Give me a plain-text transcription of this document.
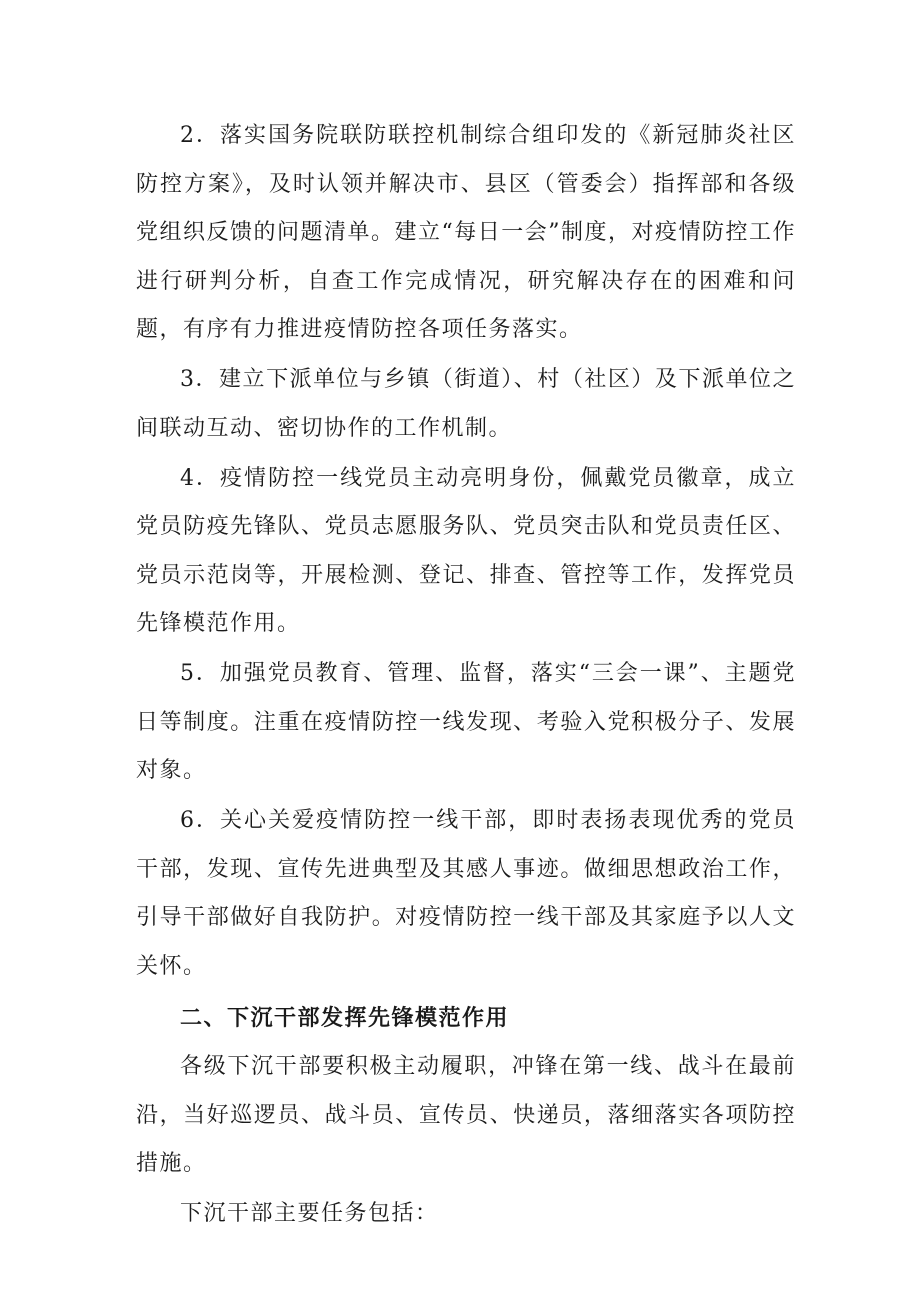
2．落实国务院联防联控机制综合组印发的《新冠肺炎社区防控方案》，及时认领并解决市、县区（管委会）指挥部和各级党组织反馈的问题清单。建立“每日一会”制度，对疫情防控工作进行研判分析，自查工作完成情况，研究解决存在的困难和问题，有序有力推进疫情防控各项任务落实。

3．建立下派单位与乡镇（街道）、村（社区）及下派单位之间联动互动、密切协作的工作机制。

4．疫情防控一线党员主动亮明身份，佩戴党员徽章，成立党员防疫先锋队、党员志愿服务队、党员突击队和党员责任区、党员示范岗等，开展检测、登记、排查、管控等工作，发挥党员先锋模范作用。

5．加强党员教育、管理、监督，落实“三会一课”、主题党日等制度。注重在疫情防控一线发现、考验入党积极分子、发展对象。

6．关心关爱疫情防控一线干部，即时表扬表现优秀的党员干部，发现、宣传先进典型及其感人事迹。做细思想政治工作，引导干部做好自我防护。对疫情防控一线干部及其家庭予以人文关怀。

二、下沉干部发挥先锋模范作用

各级下沉干部要积极主动履职，冲锋在第一线、战斗在最前沿，当好巡逻员、战斗员、宣传员、快递员，落细落实各项防控措施。

下沉干部主要任务包括：
